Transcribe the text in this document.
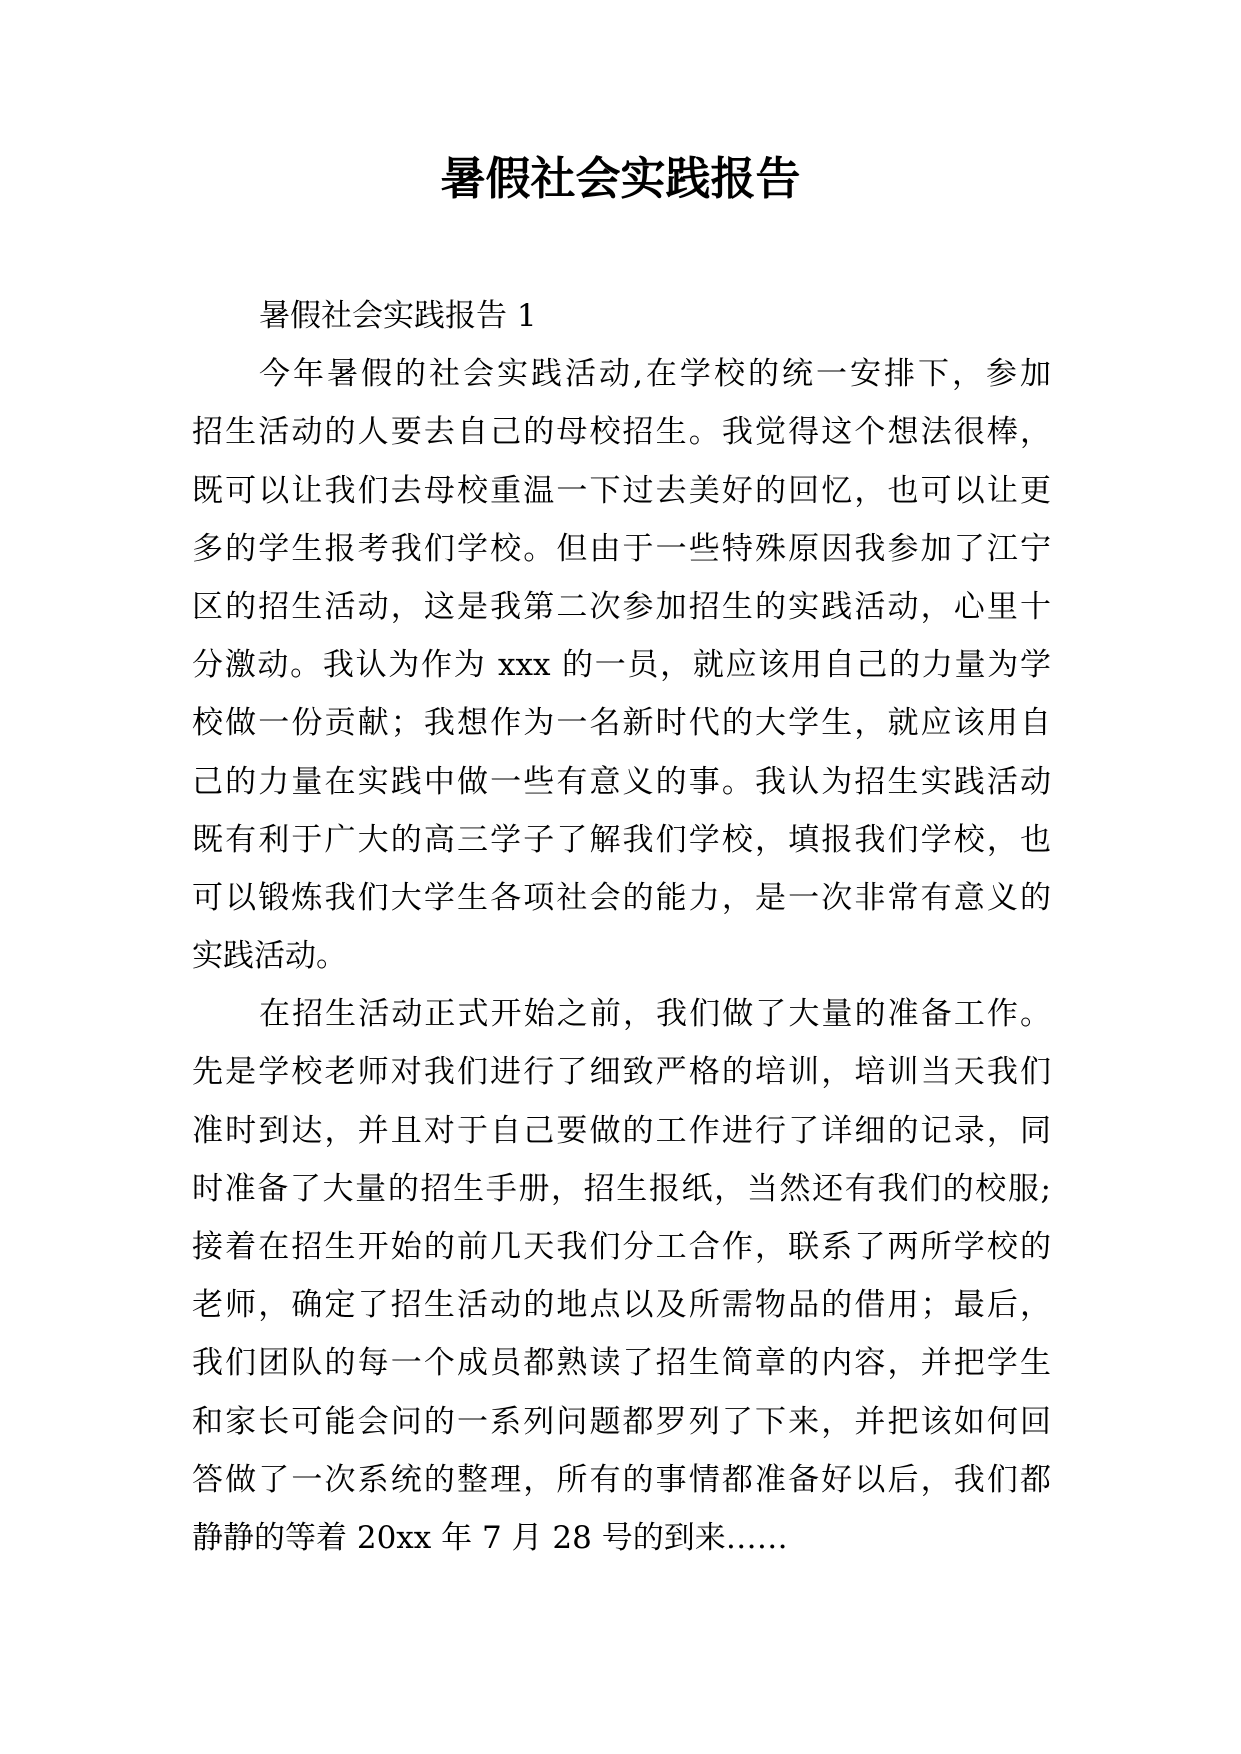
暑假社会实践报告
暑假社会实践报告 1
今年暑假的社会实践活动,在学校的统一安排下，参加
招生活动的人要去自己的母校招生。我觉得这个想法很棒，
既可以让我们去母校重温一下过去美好的回忆，也可以让更
多的学生报考我们学校。但由于一些特殊原因我参加了江宁
区的招生活动，这是我第二次参加招生的实践活动，心里十
分激动。我认为作为 xxx 的一员，就应该用自己的力量为学
校做一份贡献；我想作为一名新时代的大学生，就应该用自
己的力量在实践中做一些有意义的事。我认为招生实践活动
既有利于广大的高三学子了解我们学校，填报我们学校，也
可以锻炼我们大学生各项社会的能力，是一次非常有意义的
实践活动。
在招生活动正式开始之前，我们做了大量的准备工作。
先是学校老师对我们进行了细致严格的培训，培训当天我们
准时到达，并且对于自己要做的工作进行了详细的记录，同
时准备了大量的招生手册，招生报纸，当然还有我们的校服;
接着在招生开始的前几天我们分工合作，联系了两所学校的
老师，确定了招生活动的地点以及所需物品的借用；最后，
我们团队的每一个成员都熟读了招生简章的内容，并把学生
和家长可能会问的一系列问题都罗列了下来，并把该如何回
答做了一次系统的整理，所有的事情都准备好以后，我们都
静静的等着 20xx 年 7 月 28 号的到来……
